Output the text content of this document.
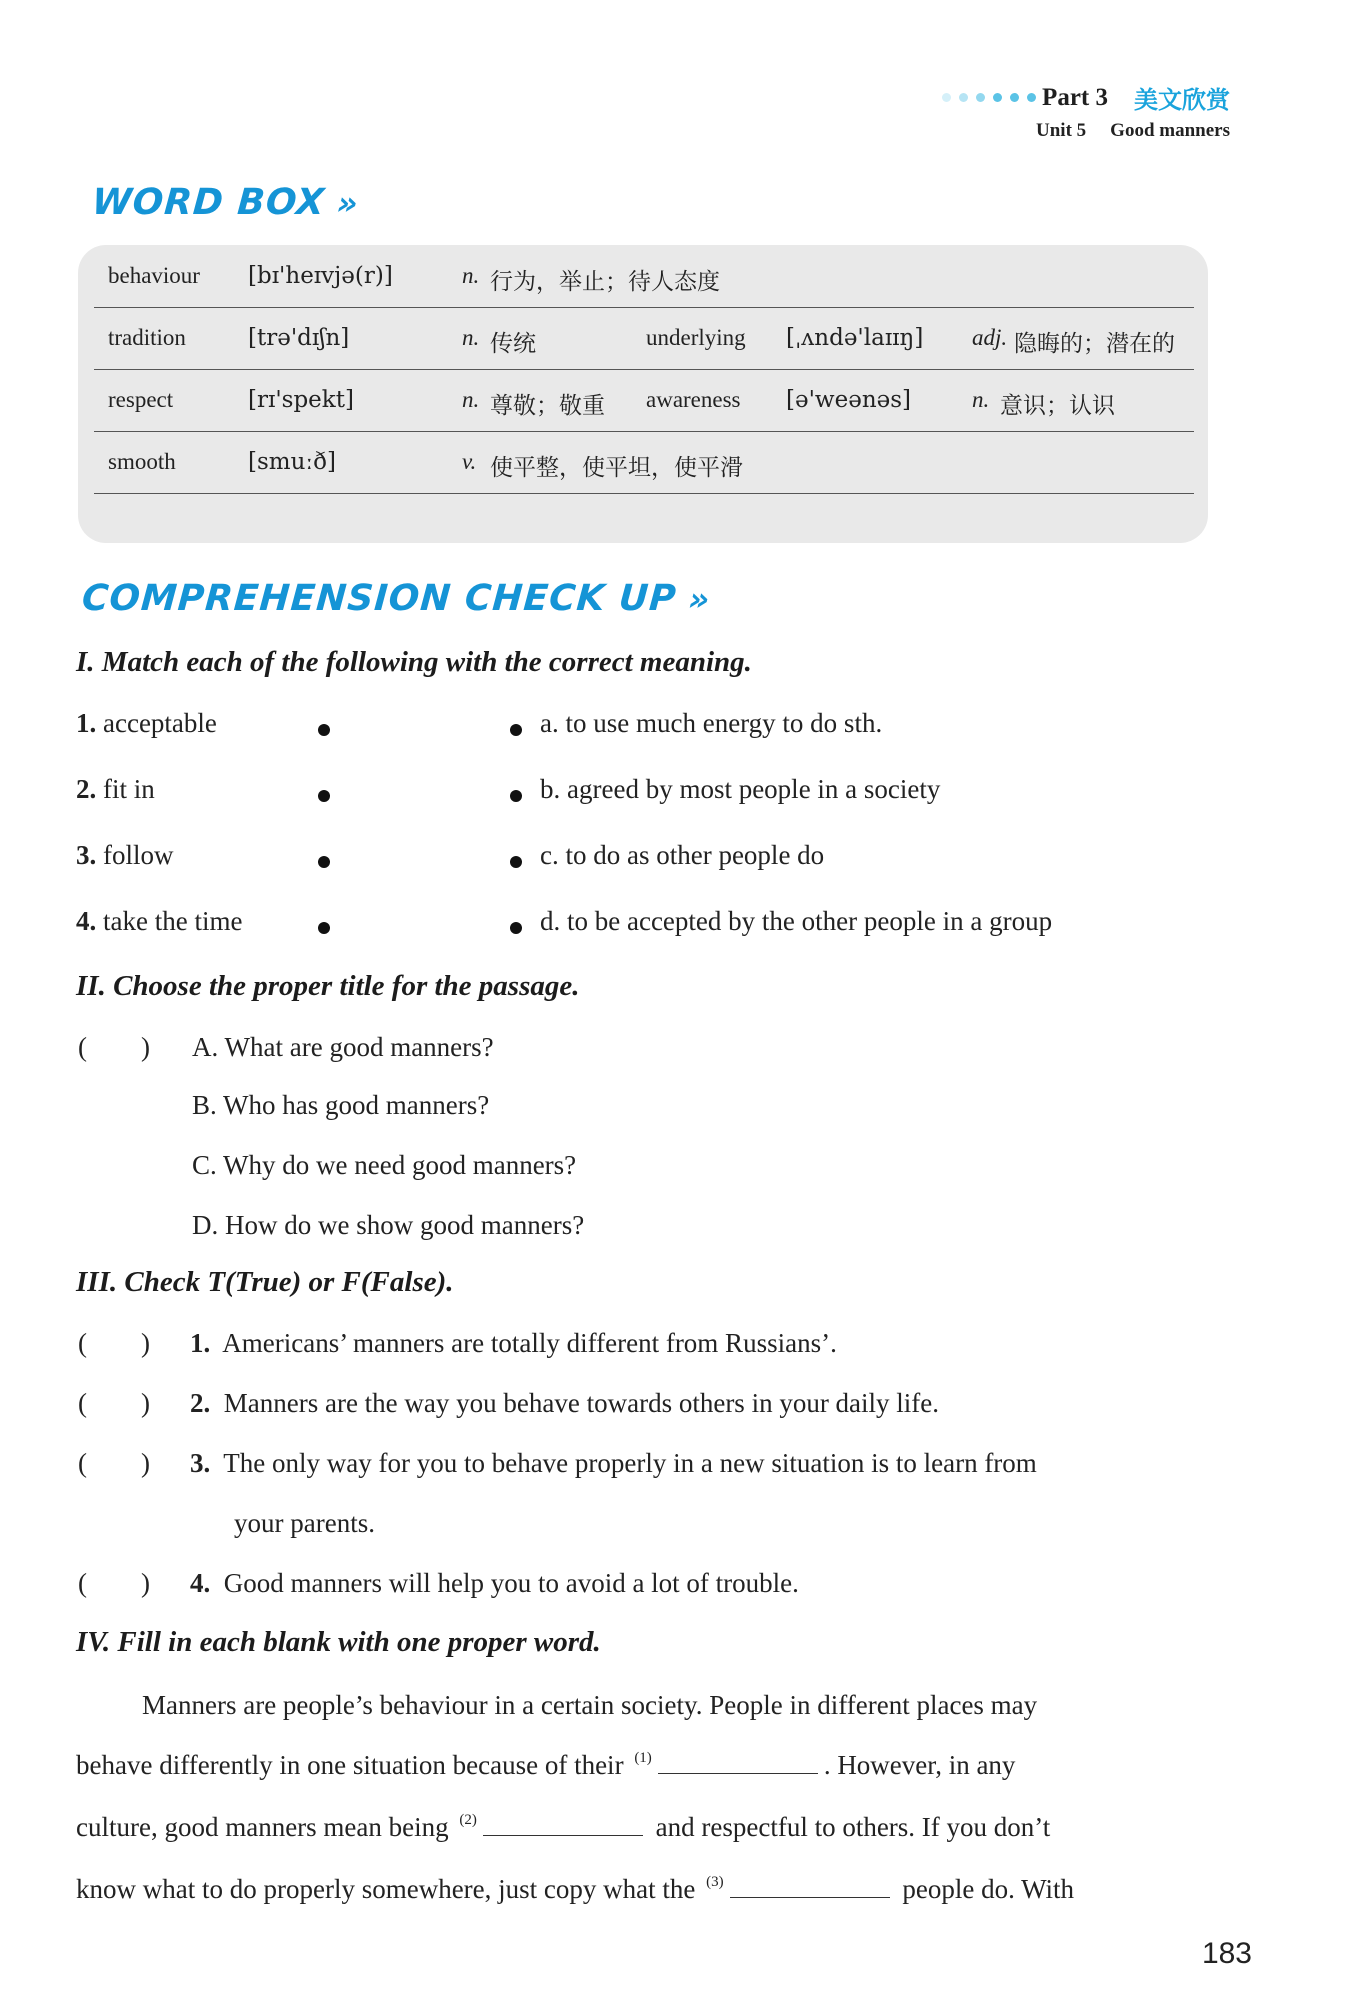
Part 3 美文欣赏
Unit 5 Good manners
WORD BOX »
behaviour [bɪ'heɪvjə(r)]	n. 行为，举止；待人态度
tradition	[trə'dɪʃn]	n. 传统	underlying [ˌʌndə'laɪɪŋ] adj. 隐晦的；潜在的
respect	[rɪ'spekt]	n. 尊敬；敬重 awareness [ə'weənəs]	n. 意识；认识
smooth	[smuːð]	v. 使平整，使平坦，使平滑
COMPREHENSION CHECK UP »
I. Match each of the following with the correct meaning.
1. acceptable
2. fit in
3. follow
4. take the time
a. to use much energy to do sth.
b. agreed by most people in a society
c. to do as other people do
d. to be accepted by the other people in a group
II. Choose the proper title for the passage.
(        ) A. What are good manners?
B. Who has good manners?
C. Why do we need good manners?
D. How do we show good manners?
III. Check T(True) or F(False).
(        ) 1. Americans’ manners are totally different from Russians’.
(        ) 2. Manners are the way you behave towards others in your daily life.
(        ) 3. The only way for you to behave properly in a new situation is to learn from
your parents.
(        ) 4. Good manners will help you to avoid a lot of trouble.
IV. Fill in each blank with one proper word.
Manners are people’s behaviour in a certain society. People in different places may
behave differently in one situation because of their $^{(1)}$	. However, in any
culture, good manners mean being $^{(2)}$	and respectful to others. If you don’t
know what to do properly somewhere, just copy what the $^{(3)}$	people do. With
183
